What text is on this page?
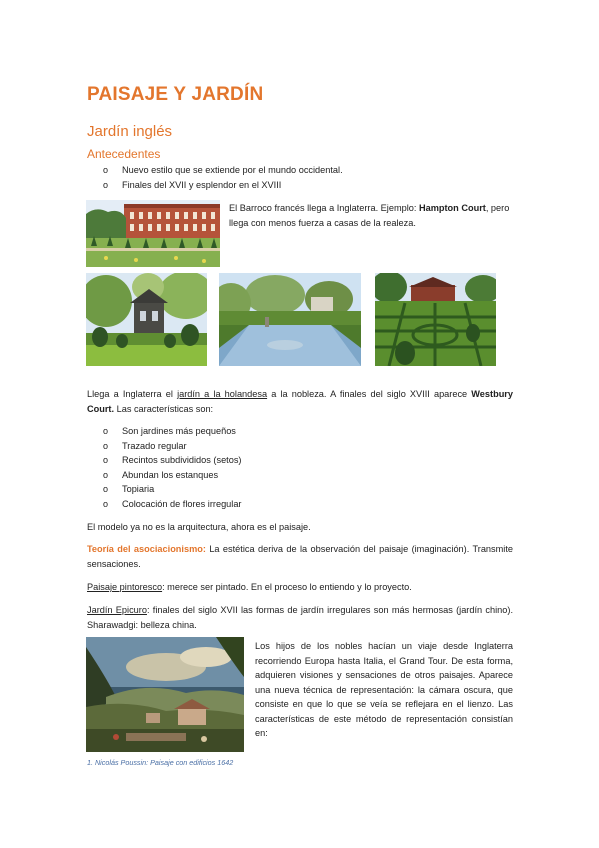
PAISAJE Y JARDÍN
Jardín inglés
Antecedentes
o Nuevo estilo que se extiende por el mundo occidental.
o Finales del XVII y esplendor en el XVIII
El Barroco francés llega a Inglaterra. Ejemplo: Hampton Court, pero llega con menos fuerza a casas de la realeza.
Llega a Inglaterra el jardín a la holandesa a la nobleza. A finales del siglo XVIII aparece Westbury Court. Las características son:
o Son jardines más pequeños
o Trazado regular
o Recintos subdivididos (setos)
o Abundan los estanques
o Topiaria
o Colocación de flores irregular
El modelo ya no es la arquitectura, ahora es el paisaje.
Teoría del asociacionismo: La estética deriva de la observación del paisaje (imaginación). Transmite sensaciones.
Paisaje pintoresco: merece ser pintado. En el proceso lo entiendo y lo proyecto.
Jardín Epicuro: finales del siglo XVII las formas de jardín irregulares son más hermosas (jardín chino). Sharawadgi: belleza china.
Los hijos de los nobles hacían un viaje desde Inglaterra recorriendo Europa hasta Italia, el Grand Tour. De esta forma, adquieren visiones y sensaciones de otros paisajes. Aparece una nueva técnica de representación: la cámara oscura, que consiste en que lo que se veía se reflejara en el lienzo. Las características de este método de representación consistían en:
1. Nicolás Poussin: Paisaje con edificios 1642
